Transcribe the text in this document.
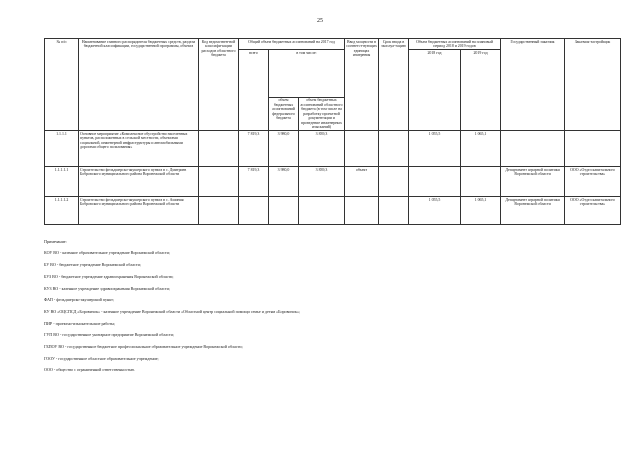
25
№ п/п	Наименование главного распорядителя бюджетных средств, раздела бюджетной классификации, государственной программы, объекта	Код ведомствен-ной классифи-кации расходов областного бюджета	Общий объем бюджетных ассигнований на 2017 год			Ввод мощности в соответст-вующих единицах измерения	Срок ввода в эксплуа-тацию	Объем бюджетных ассигнований на плановый период 2018 и 2019 годов		Государственный заказчик	Заказчик-застройщик
			всего	в том числе:				2018 год	2019 год		
				объем бюджетных ассигнований федерального бюджета	объем бюджетных ассигнований областного бюджета (в том числе на разработку проектной документации и проведение инженерных изысканий)						

1.1.1.1	Основное мероприятие «Комплексное обустройство населенных пунктов, расположенных в сельской местности, объектами социальной, инженерной инфраструктуры и автомобильными дорогами общего пользования»		7 819,3	3 980,0	3 839,3			1 055,5	1 065,1		
1.1.1.1.1	Строительство фельдшерско-акушерского пункта в с. Дмитриев Бобровского муниципального района Воронежской области		7 819,3	3 980,0	3 839,3	объект				Департамент аграрной политики Воронежской области	ООО «Отдел капитального строительства»
1.1.1.1.2	Строительство фельдшерско-акушерского пункта в с. Ашиния Бобровского муниципального района Воронежской области							1 055,5	1 065,1	Департамент аграрной политики Воронежской области	ООО «Отдел капитального строительства»
Примечание:
КОУ ВО - казенное образовательное учреждение Воронежской области;
БУ ВО - бюджетное учреждение Воронежской области;
БУЗ ВО - бюджетное учреждение здравоохранения Воронежской области;
КУЗ ВО - казенное учреждение здравоохранения Воронежской области;
ФАП - фельдшерско-акушерский пункт;
КУ ВО «ОЦСПСД «Боровичок» - казенное учреждение Воронежской области «Областной центр социальной помощи семье и детям «Боровичок»;
ПИР - проектно-изыскательские работы;
ГУП ВО - государственное унитарное предприятие Воронежской области;
ГБПОУ ВО - государственное бюджетное профессиональное образовательное учреждение Воронежской области;
ГООУ - государственное областное образовательное учреждение;
ООО - общество с ограниченной ответственностью.
